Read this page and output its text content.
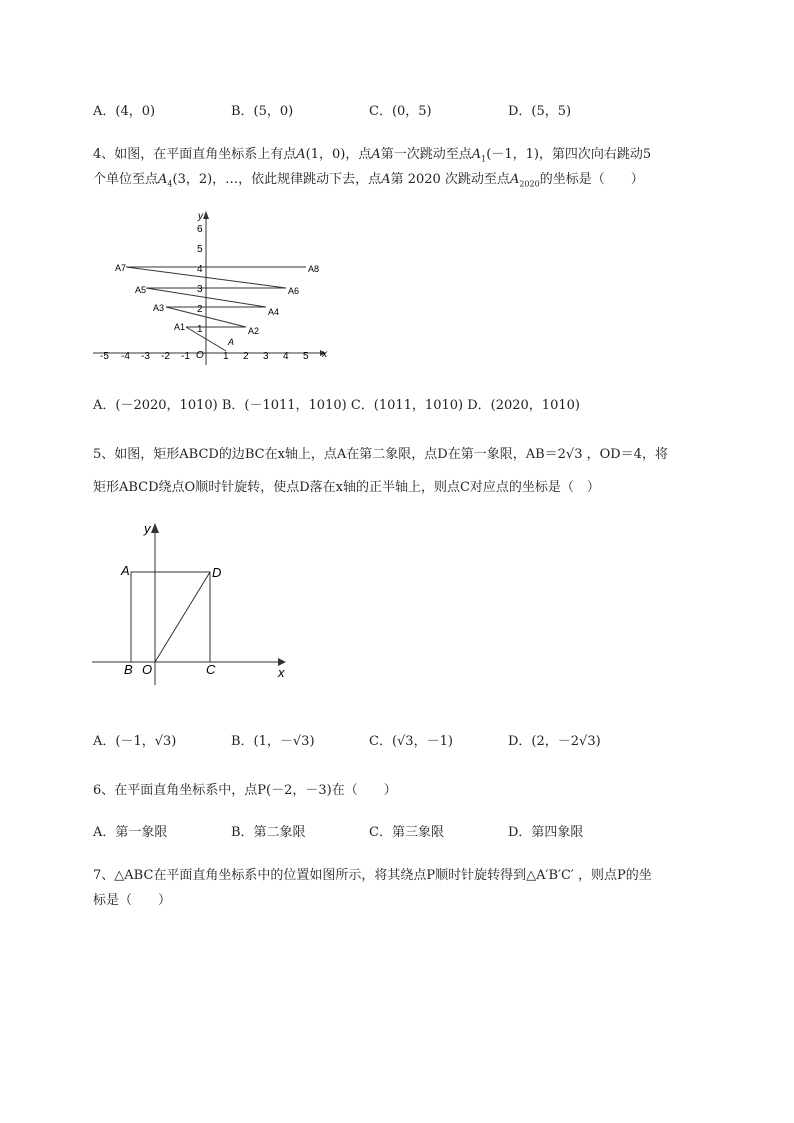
A．(4，0)	B．(5，0)	C．(0，5)	D．(5，5)
4、如图，在平面直角坐标系上有点A(1，0)，点A第一次跳动至点$A_1(-1$，1)，第四次向右跳动5
个单位至点$A_4(3$，2)，…，依此规律跳动下去，点A第 2020 次跳动至点$A_{2020}$的坐标是（　　）
x
y
O
-5 -4 -3 -2 -1	1 2 3 4 5
1
2
3
4
5
6
A
A1	A2
A3	A4
A5	A6
A7	A8
A．(－2020，1010) B．(－1011，1010) C．(1011，1010) D．(2020，1010)
5、如图，矩形ABCD的边BC在x轴上，点A在第二象限，点D在第一象限，AB＝2√3 ，OD＝4，将
矩形ABCD绕点O顺时针旋转，使点D落在x轴的正半轴上，则点C对应点的坐标是（　）
y
A	D
B O	C	x
A．(－1，√3)	B．(1，－√3)	C．(√3，－1)	D．(2，－2√3)
6、在平面直角坐标系中，点P(－2，－3)在（　　）
A．第一象限	B．第二象限	C．第三象限	D．第四象限
7、△ABC在平面直角坐标系中的位置如图所示，将其绕点P顺时针旋转得到△A′B′C′ ，则点P的坐
标是（　　）
